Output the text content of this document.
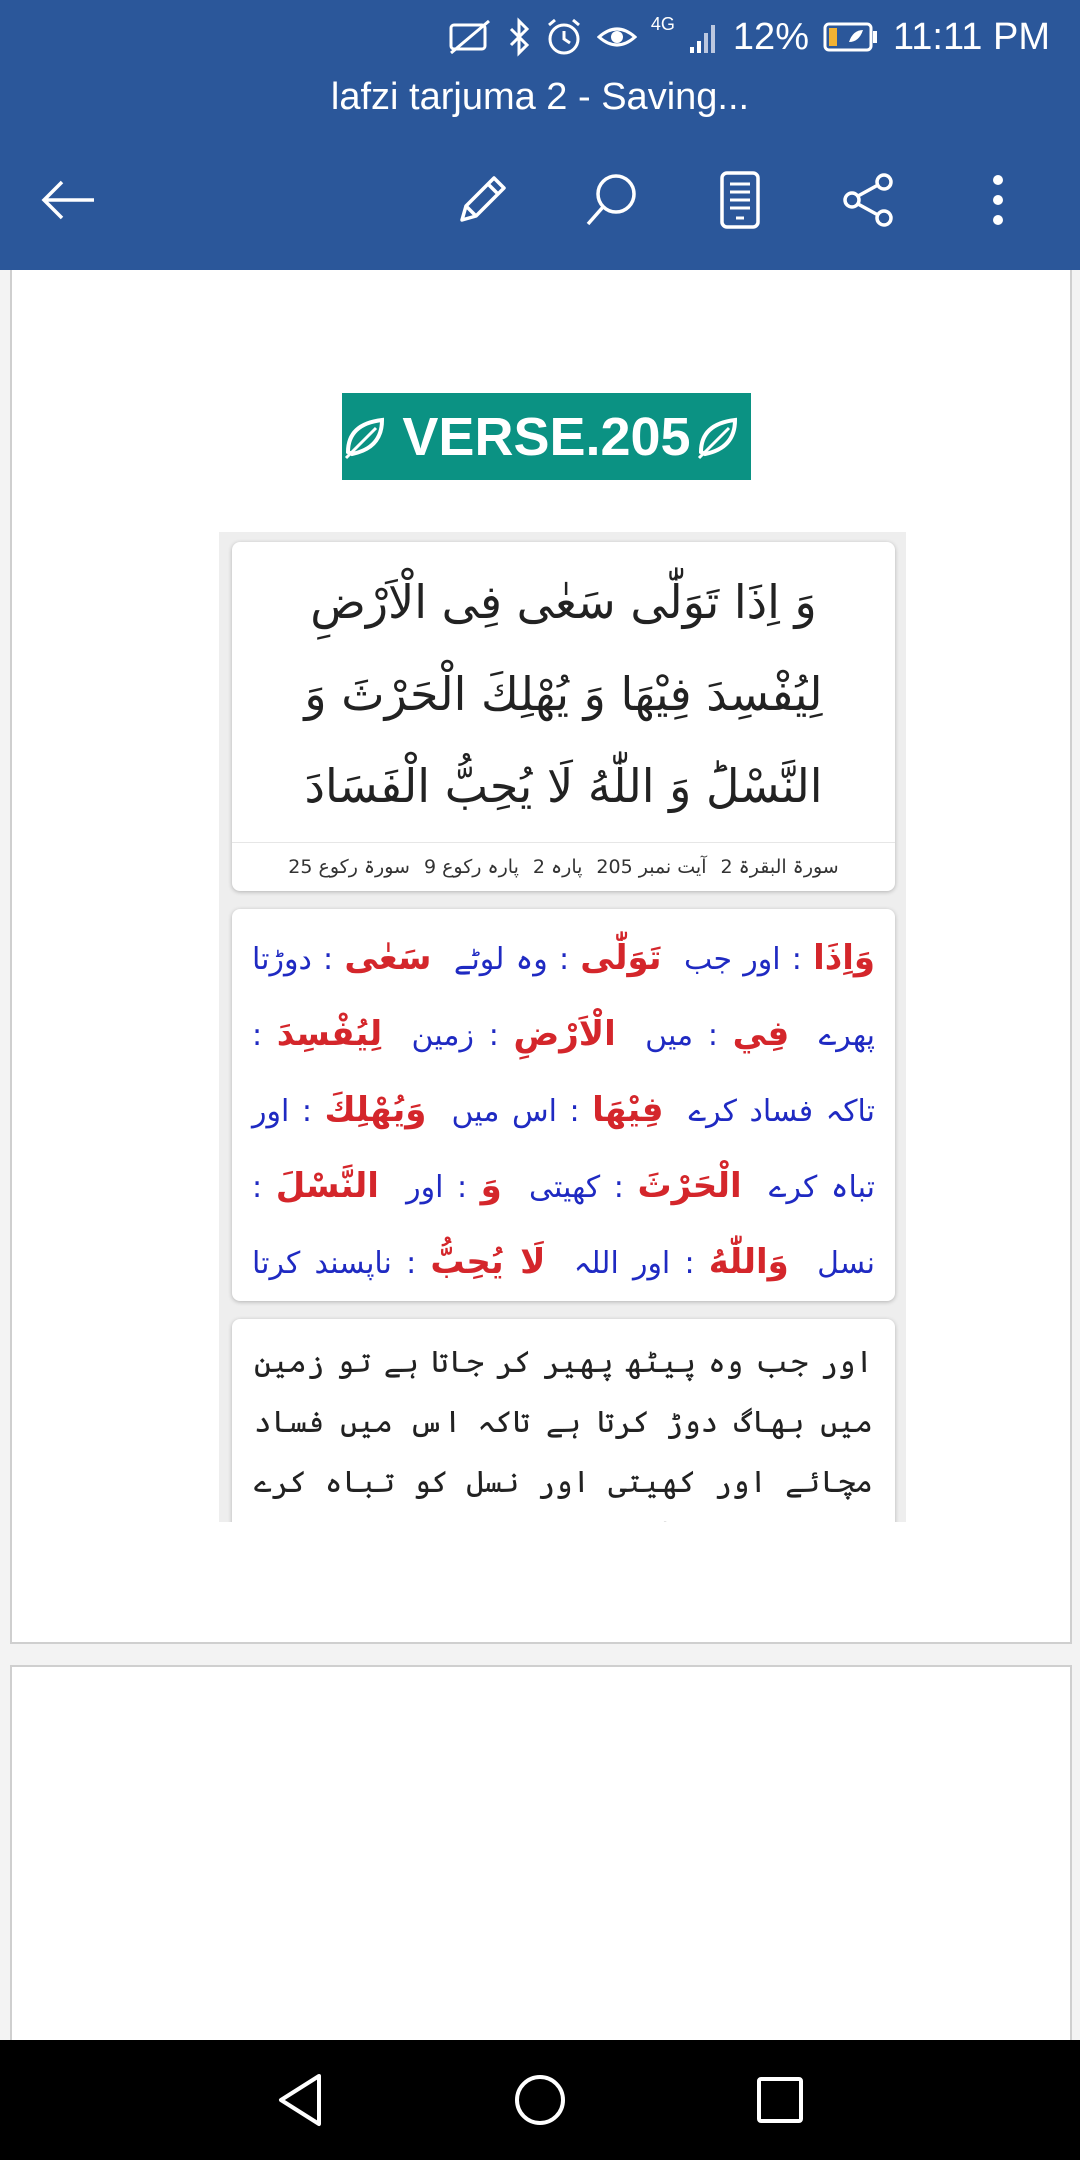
4G 12% 11:11 PM
lafzi tarjuma 2 - Saving...
VERSE.205
وَ اِذَا تَوَلّٰى سَعٰى فِی الْاَرْضِ لِیُفْسِدَ فِیْهَا وَ یُهْلِكَ الْحَرْثَ وَ النَّسْلَؕ وَ اللّٰهُ لَا یُحِبُّ الْفَسَادَ
سورۃ البقرۃ 2
آیت نمبر 205
پارہ 2
پارہ رکوع 9
سورۃ رکوع 25
وَاِذَا : اور جب  تَوَلّٰى : وہ لوٹے  سَعٰى : دوڑتا پھرے  فِي : میں  الْاَرْضِ : زمین  لِيُفْسِدَ : تاکہ فساد کرے  فِيْهَا : اس میں  وَيُهْلِكَ : اور تباہ کرے  الْحَرْثَ : کھیتی  وَ : اور  النَّسْلَ : نسل  وَاللّٰهُ : اور اللہ  لَا يُحِبُّ : ناپسند کرتا
اور جب وہ پیٹھ پھیر کر جاتا ہے تو زمین میں بھاگ دوڑ کرتا ہے تاکہ اس میں فساد مچائے اور کھیتی اور نسل کو تباہ کرے
